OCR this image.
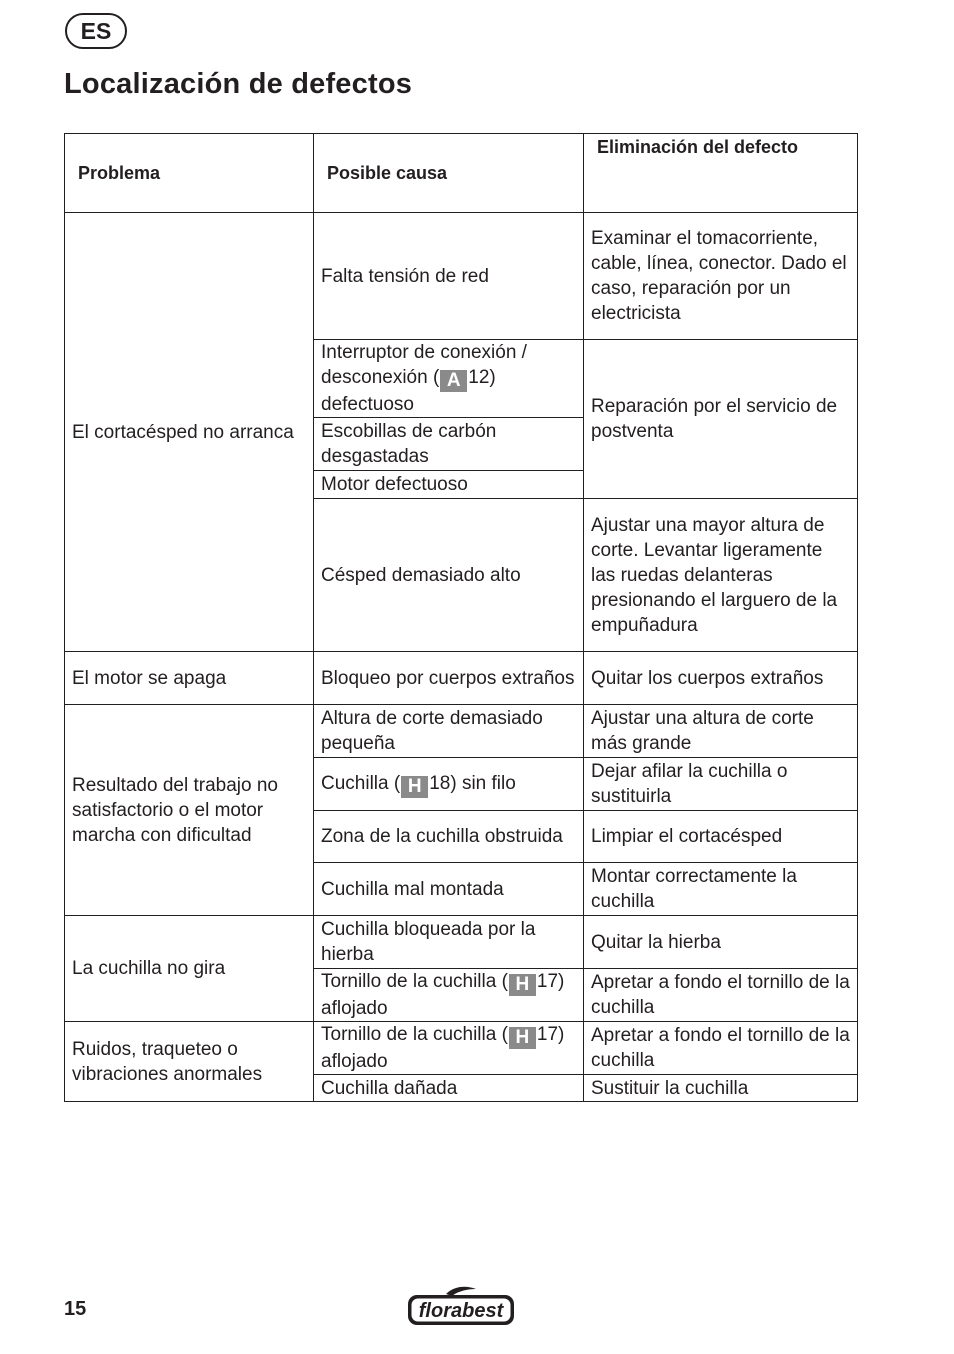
ES
Localización de defectos
Problema	Posible causa	Eliminación del defecto
El cortacésped no arranca	Falta tensión de red	Examinar el tomacorriente, cable, línea, conector. Dado el caso, reparación por un electricista
	Interruptor de conexión / desconexión ( A 12) defectuoso	Reparación por el servicio de postventa
	Escobillas de carbón desgastadas	
	Motor defectuoso	
	Césped demasiado alto	Ajustar una mayor altura de corte. Levantar ligeramente las ruedas delanteras presionando el larguero de la empuñadura
El motor se apaga	Bloqueo por cuerpos extraños	Quitar los cuerpos extraños
Resultado del trabajo no satisfactorio o el motor marcha con dificultad	Altura de corte demasiado pequeña	Ajustar una altura de corte más grande
	Cuchilla ( H 18) sin filo	Dejar afilar la cuchilla o sustituirla
	Zona de la cuchilla obstruida	Limpiar el cortacésped
	Cuchilla mal montada	Montar correctamente la cuchilla
La cuchilla no gira	Cuchilla bloqueada por la hierba	Quitar la hierba
	Tornillo de la cuchilla ( H 17) aflojado	Apretar a fondo el tornillo de la cuchilla
Ruidos, traqueteo o vibraciones anormales	Tornillo de la cuchilla ( H 17) aflojado	Apretar a fondo el tornillo de la cuchilla
	Cuchilla dañada	Sustituir la cuchilla
15	florabest
